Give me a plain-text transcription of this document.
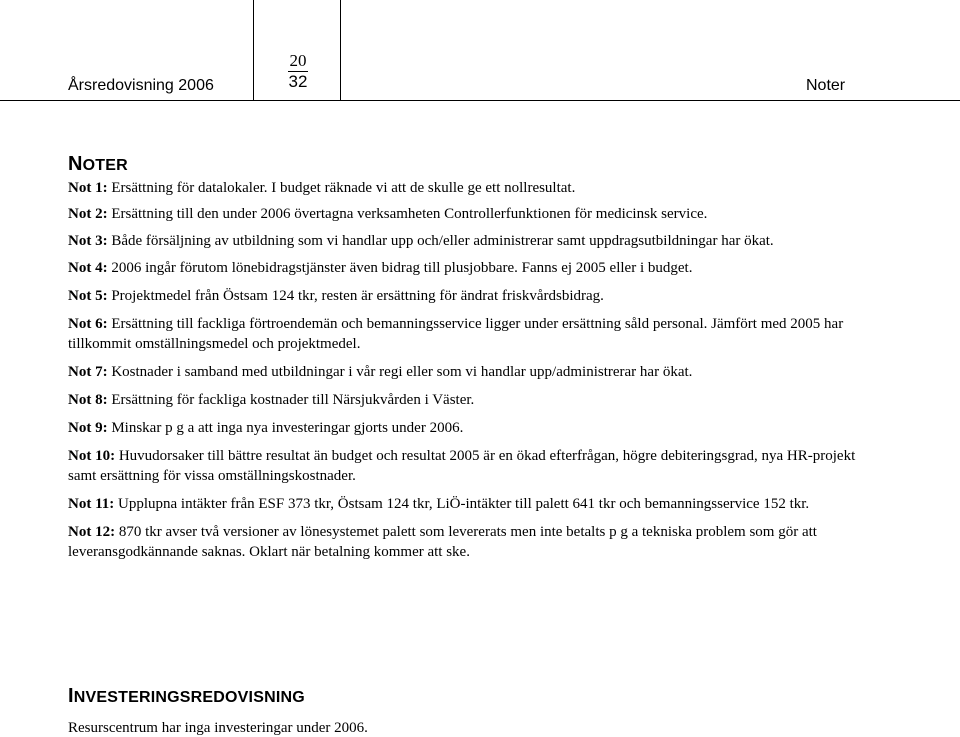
Årsredovisning 2006
20
32	Noter
NOTER

Not 1: Ersättning för datalokaler. I budget räknade vi att de skulle ge ett nollresultat.

Not 2: Ersättning till den under 2006 övertagna verksamheten Controllerfunktionen för medicinsk service.

Not 3: Både försäljning av utbildning som vi handlar upp och/eller administrerar samt uppdragsutbildningar har ökat.

Not 4: 2006 ingår förutom lönebidragstjänster även bidrag till plusjobbare. Fanns ej 2005 eller i budget.

Not 5: Projektmedel från Östsam 124 tkr, resten är ersättning för ändrat friskvårdsbidrag.

Not 6: Ersättning till fackliga förtroendemän och bemanningsservice ligger under ersättning såld personal. Jämfört med 2005 har tillkommit omställningsmedel och projektmedel.

Not 7: Kostnader i samband med utbildningar i vår regi eller som vi handlar upp/administrerar har ökat.

Not 8: Ersättning för fackliga kostnader till Närsjukvården i Väster.

Not 9: Minskar p g a att inga nya investeringar gjorts under 2006.

Not 10: Huvudorsaker till bättre resultat än budget och resultat 2005 är en ökad efterfrågan, högre debiteringsgrad, nya HR-projekt samt ersättning för vissa omställningskostnader.

Not 11: Upplupna intäkter från ESF 373 tkr, Östsam 124 tkr, LiÖ-intäkter till palett 641 tkr och bemanningsservice 152 tkr.

Not 12: 870 tkr avser två versioner av lönesystemet palett som levererats men inte betalts p g a tekniska problem som gör att leveransgodkännande saknas. Oklart när betalning kommer att ske.

INVESTERINGSREDOVISNING
Resurscentrum har inga investeringar under 2006.
